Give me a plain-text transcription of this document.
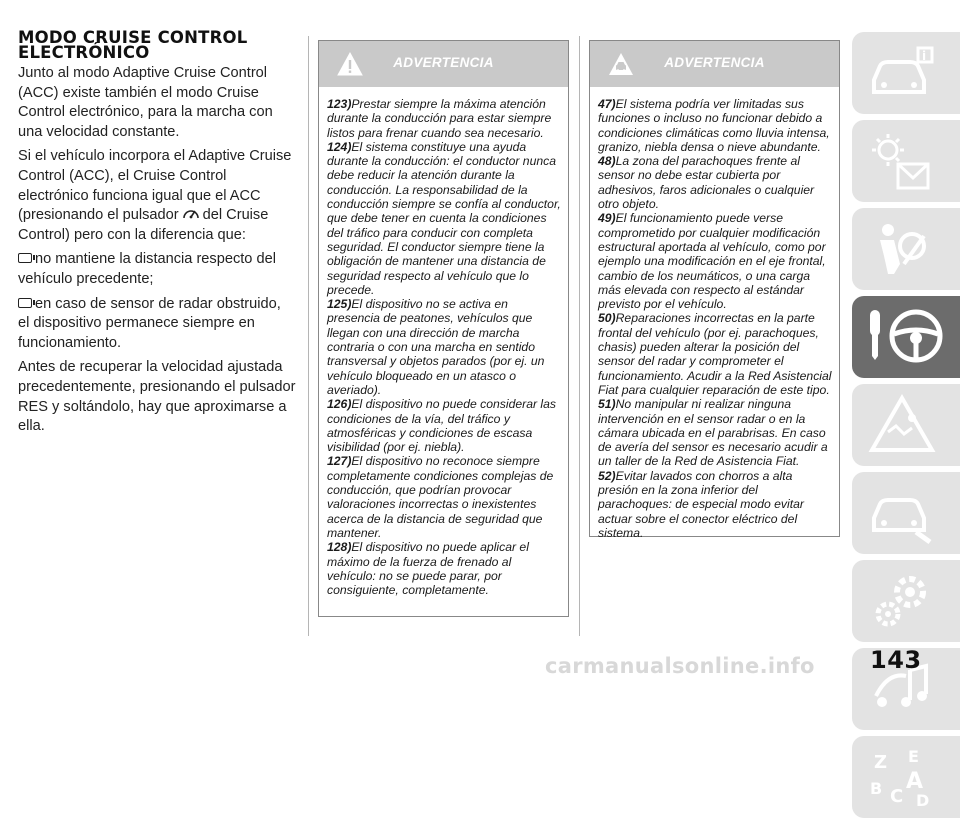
MODO CRUISE CONTROL ELECTRÓNICO

Junto al modo Adaptive Cruise Control (ACC) existe también el modo Cruise Control electrónico, para la marcha con una velocidad constante.

Si el vehículo incorpora el Adaptive Cruise Control (ACC), el Cruise Control electrónico funciona igual que el ACC (presionando el pulsador del Cruise Control) pero con la diferencia que:

no mantiene la distancia respecto del vehículo precedente;

en caso de sensor de radar obstruido, el dispositivo permanece siempre en funcionamiento.

Antes de recuperar la velocidad ajustada precedentemente, presionando el pulsador RES y soltándolo, hay que aproximarse a ella.

ADVERTENCIA
123)Prestar siempre la máxima atención durante la conducción para estar siempre listos para frenar cuando sea necesario.
124)El sistema constituye una ayuda durante la conducción: el conductor nunca debe reducir la atención durante la conducción. La responsabilidad de la conducción siempre se confía al conductor, que debe tener en cuenta la condiciones del tráfico para conducir con completa seguridad. El conductor siempre tiene la obligación de mantener una distancia de seguridad respecto al vehículo que lo precede.
125)El dispositivo no se activa en presencia de peatones, vehículos que llegan con una dirección de marcha contraria o con una marcha en sentido transversal y objetos parados (por ej. un vehículo bloqueado en un atasco o averiado).
126)El dispositivo no puede considerar las condiciones de la vía, del tráfico y atmosféricas y condiciones de escasa visibilidad (por ej. niebla).
127)El dispositivo no reconoce siempre completamente condiciones complejas de conducción, que podrían provocar valoraciones incorrectas o inexistentes acerca de la distancia de seguridad que mantener.
128)El dispositivo no puede aplicar el máximo de la fuerza de frenado al vehículo: no se puede parar, por consiguiente, completamente.
ADVERTENCIA
47)El sistema podría ver limitadas sus funciones o incluso no funcionar debido a condiciones climáticas como lluvia intensa, granizo, niebla densa o nieve abundante.
48)La zona del parachoques frente al sensor no debe estar cubierta por adhesivos, faros adicionales o cualquier otro objeto.
49)El funcionamiento puede verse comprometido por cualquier modificación estructural aportada al vehículo, como por ejemplo una modificación en el eje frontal, cambio de los neumáticos, o una carga más elevada con respecto al estándar previsto por el vehículo.
50)Reparaciones incorrectas en la parte frontal del vehículo (por ej. parachoques, chasis) pueden alterar la posición del sensor del radar y comprometer el funcionamiento. Acudir a la Red Asistencial Fiat para cualquier reparación de este tipo.
51)No manipular ni realizar ninguna intervención en el sensor radar o en la cámara ubicada en el parabrisas. En caso de avería del sensor es necesario acudir a un taller de la Red de Asistencia Fiat.
52)Evitar lavados con chorros a alta presión en la zona inferior del parachoques: de especial modo evitar actuar sobre el conector eléctrico del sistema.
i
Z E
B C
A
D
143
carmanualsonline.info
